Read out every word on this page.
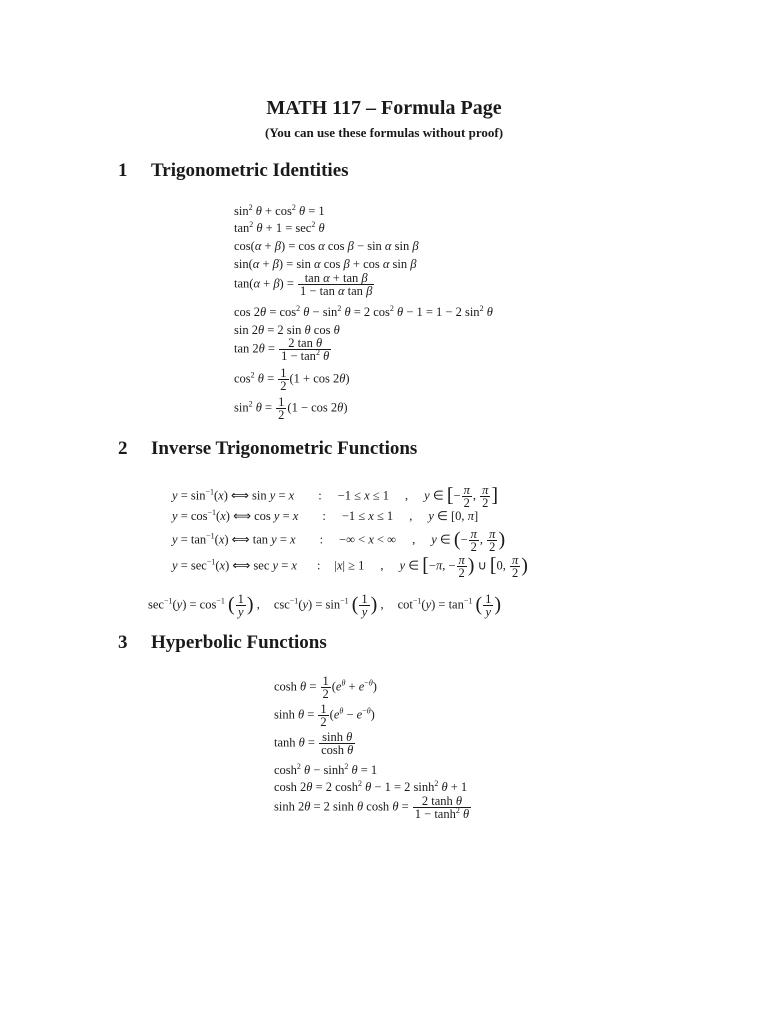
MATH 117 – Formula Page
(You can use these formulas without proof)
1 Trigonometric Identities
$\sin^2 \theta + \cos^2 \theta = 1$
$\tan^2 \theta + 1 = \sec^2 \theta$
cos(α + β) = cos α cos β − sin α sin β
sin(α + β) = sin α cos β + cos α sin β
$\tan(\alpha + \beta) = \frac{\text{tan α + tan β}}{\text{1 − tan α tan β}}$
$\cos 2\theta = \cos^2 \theta - \sin^2 \theta = 2$ $\cos^2 \theta - 1 = 1 - 2$ $\sin^2 \theta$
sin 2θ = 2 sin θ cos θ
$\tan 2\theta = \frac{\text{2 tan θ}}{1 - \tan^2 \theta}$
$\cos^2 \theta = \frac{1}{2} (1 + \cos 2\theta)$
$\sin^2 \theta = \frac{1}{2} (1 - \cos 2\theta)$
2 Inverse Trigonometric Functions
$y = \sin^{-1}(x)$ ⟺ sin y = x : −1 ≤ x ≤ 1 , y ∈ [− $\frac{\pi}{2}$ , $\frac{\pi}{2}$ ]
$y = \cos^{-1}(x)$ ⟺ cos y = x : −1 ≤ x ≤ 1 , y ∈ [0, π]
$y = \tan^{-1}(x)$ ⟺ tan y = x : −∞ < x < ∞ , y ∈ (− $\frac{\pi}{2}$ , $\frac{\pi}{2}$ )
$y = \sec^{-1}(x)$ ⟺ sec y = x : |x| ≥ 1 , y ∈ [−π, − $\frac{\pi}{2}$ ) ∪ [0, $\frac{\pi}{2}$ )
$\sec^{-1}(y) = \cos^{-1}$ ( $\frac{1}{y}$ ) , $\csc^{-1}(y) = \sin^{-1}$ ( $\frac{1}{y}$ ) , $\cot^{-1}(y) = \tan^{-1}$ ( $\frac{1}{y}$ )
3 Hyperbolic Functions
$\cosh \theta = \frac{1}{2} (e^\theta + e^{-\theta})$
$\sinh \theta = \frac{1}{2} (e^\theta - e^{-\theta})$
$\tanh \theta = \frac{\text{sinh θ}}{\text{cosh θ}}$
$\cosh^2 \theta - \sinh^2 \theta = 1$
cosh 2θ = 2 $\cosh^2 \theta - 1 = 2$ $\sinh^2 \theta + 1$
sinh 2θ = 2 sinh θ $\cosh \theta = \frac{\text{2 tanh θ}}{1 - \tanh^2 \theta}$
